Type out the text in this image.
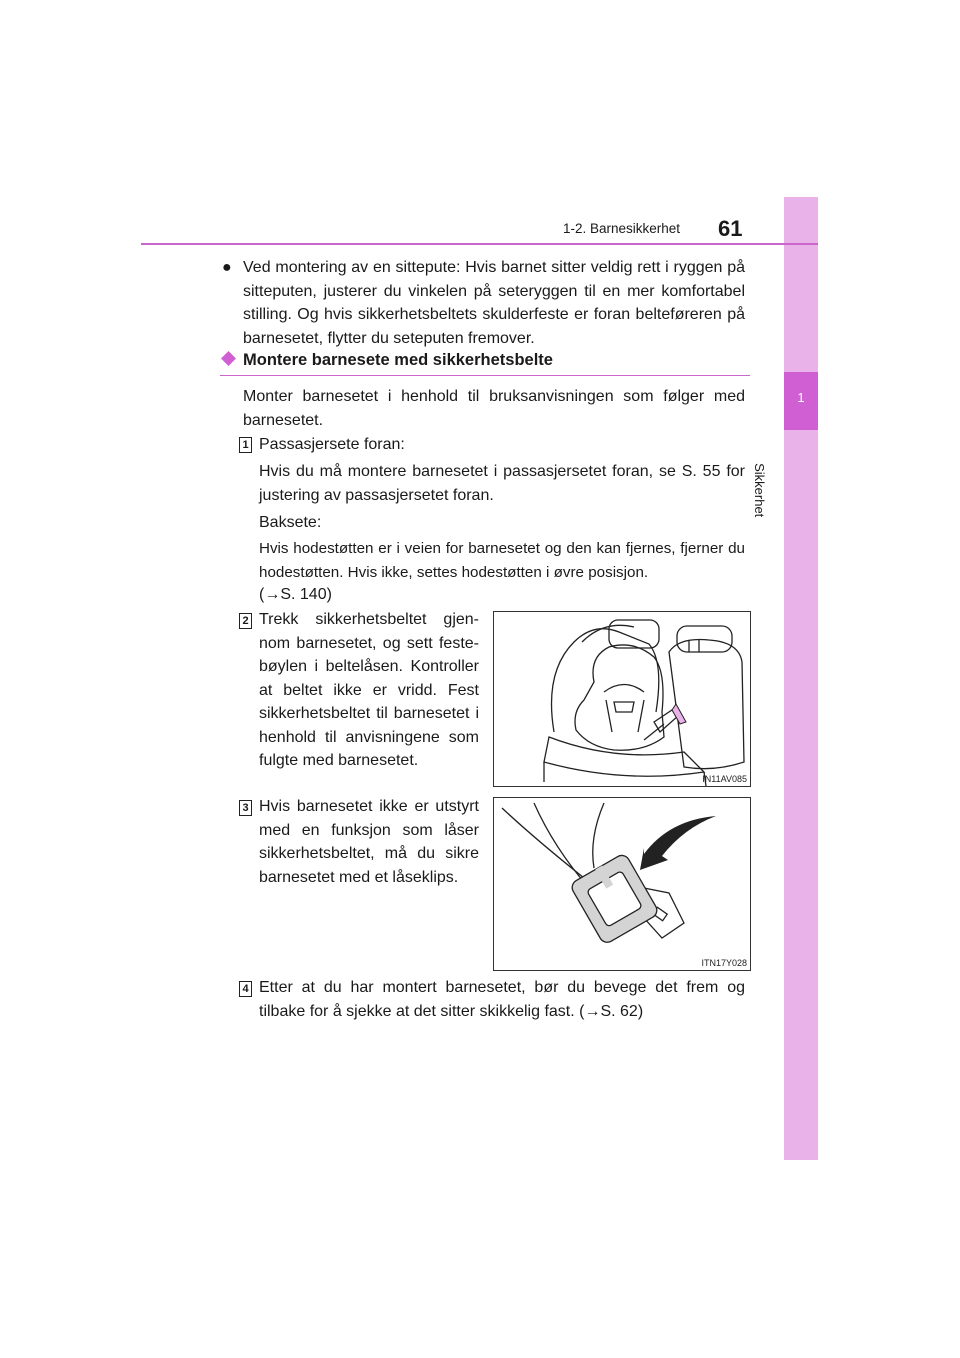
1
Sikkerhet
1-2. Barnesikkerhet 61
● Ved montering av en sittepute: Hvis barnet sitter veldig rett i ryggen på sitteputen, justerer du vinkelen på seteryggen til en mer komfortabel stilling. Og hvis sikkerhetsbeltets skulderfeste er foran belteføreren på barnesetet, flytter du seteputen fremover.
Montere barnesete med sikkerhetsbelte
Monter barnesetet i henhold til bruksanvisningen som følger med barnesetet.
1 Passasjersete foran:
Hvis du må montere barnesetet i passasjersetet foran, se S. 55 for justering av passasjersetet foran.
Baksete:
Hvis hodestøtten er i veien for barnesetet og den kan fjernes, fjerner du hodestøtten. Hvis ikke, settes hodestøtten i øvre posisjon.
(→S. 140)
2 Trekk sikkerhetsbeltet gjen- nom barnesetet, og sett feste- bøylen i beltelåsen. Kontroller at beltet ikke er vridd. Fest sikkerhetsbeltet til barnesetet i henhold til anvisningene som fulgte med barnesetet.
IN11AV085
3 Hvis barnesetet ikke er utstyrt med en funksjon som låser sikkerhetsbeltet, må du sikre barnesetet med et låseklips.
ITN17Y028
4 Etter at du har montert barnesetet, bør du bevege det frem og tilbake for å sjekke at det sitter skikkelig fast. (→S. 62)
